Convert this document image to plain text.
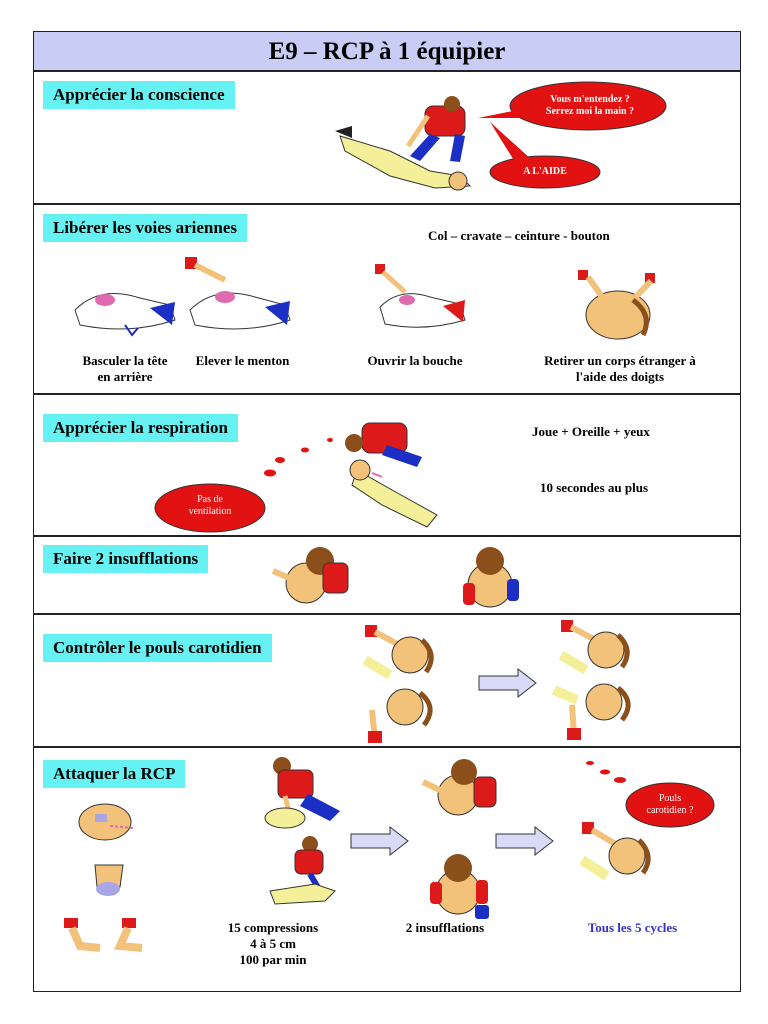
E9 – RCP à 1 équipier
Apprécier la conscience	Vous m'entendez ?
Serrez moi la main ?
A L'AIDE
Libérer les voies ariennes	Col – cravate – ceinture - bouton
Basculer la tête
en arrière
Elever le menton	Ouvrir la bouche	Retirer un corps étranger à
l'aide des doigts
Apprécier la respiration
Pas de
ventilation
Joue + Oreille + yeux
10 secondes au plus
Faire 2 insufflations
Contrôler le pouls carotidien
Attaquer la RCP
15 compressions
4 à 5 cm
100 par min
2 insufflations
Pouls
carotidien ?
Tous les 5 cycles
